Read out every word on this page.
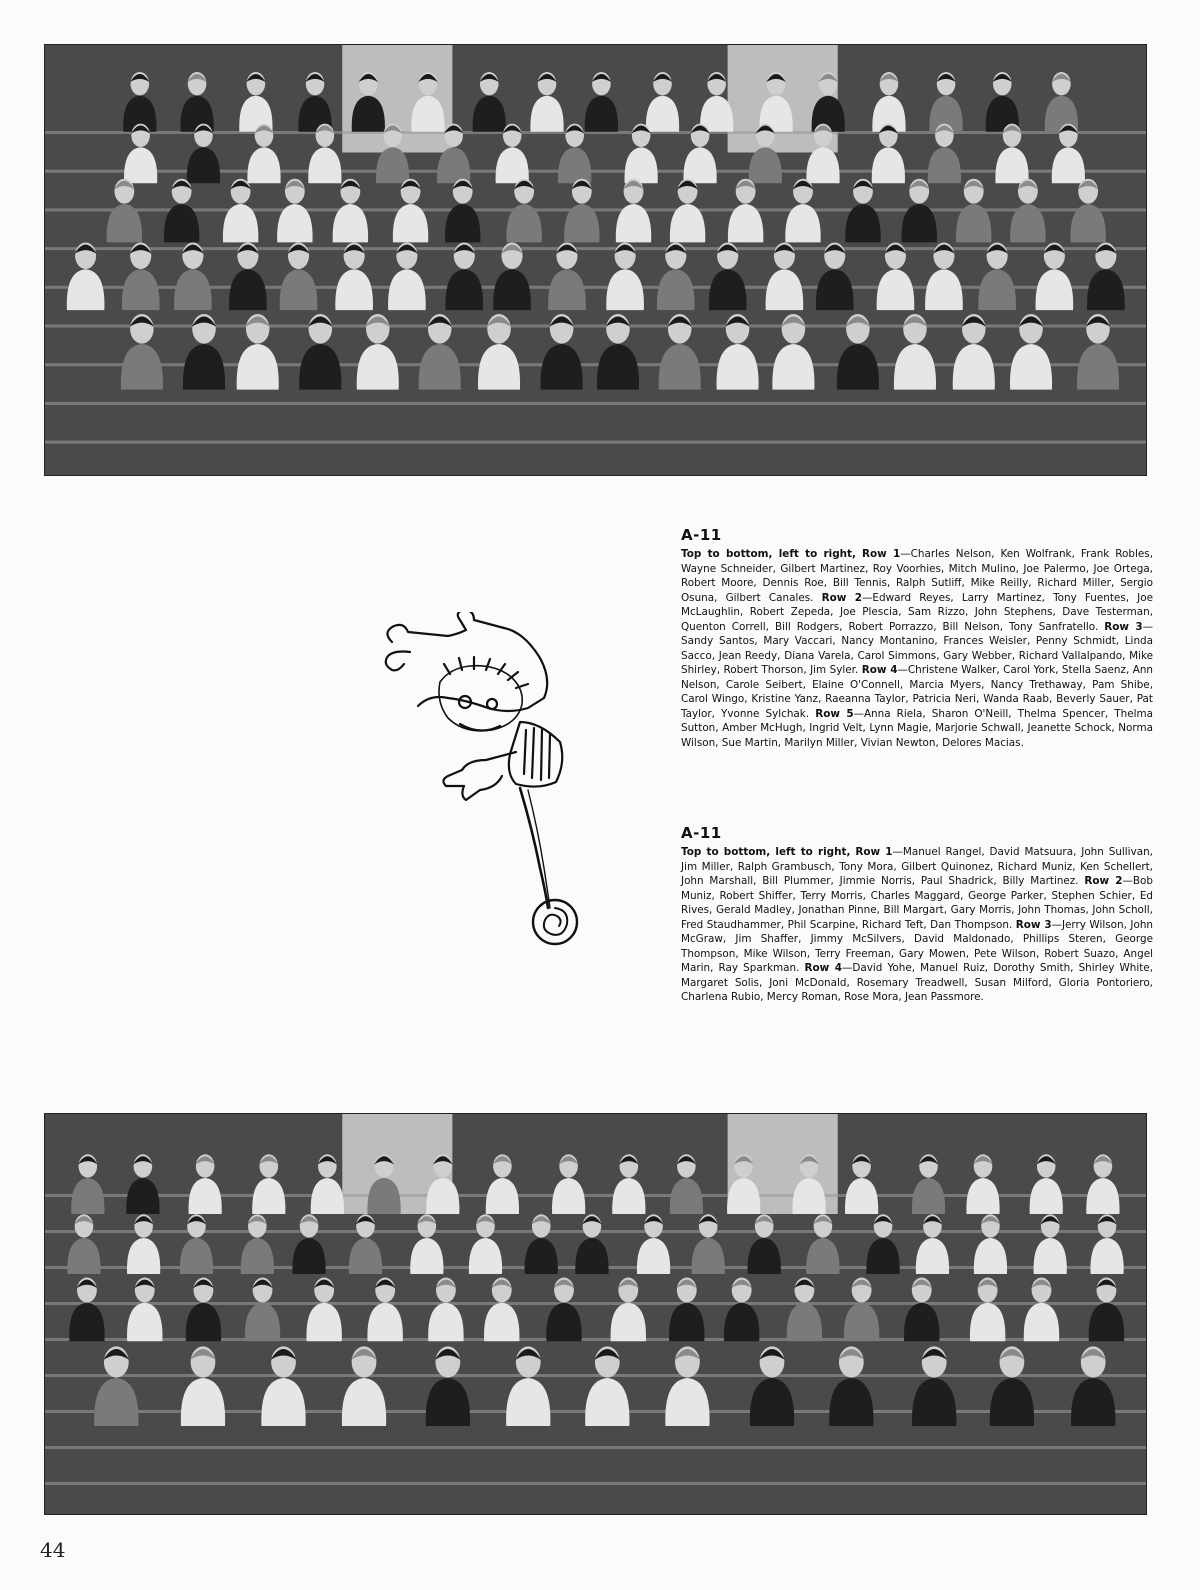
A-11

Top to bottom, left to right, Row 1—Charles Nelson, Ken Wolfrank, Frank Robles, Wayne Schneider, Gilbert Martinez, Roy Voorhies, Mitch Mulino, Joe Palermo, Joe Ortega, Robert Moore, Dennis Roe, Bill Tennis, Ralph Sutliff, Mike Reilly, Richard Miller, Sergio Osuna, Gilbert Canales. Row 2—Edward Reyes, Larry Martinez, Tony Fuentes, Joe McLaughlin, Robert Zepeda, Joe Plescia, Sam Rizzo, John Stephens, Dave Testerman, Quenton Correll, Bill Rodgers, Robert Porrazzo, Bill Nelson, Tony Sanfratello. Row 3—Sandy Santos, Mary Vaccari, Nancy Montanino, Frances Weisler, Penny Schmidt, Linda Sacco, Jean Reedy, Diana Varela, Carol Simmons, Gary Webber, Richard Vallalpando, Mike Shirley, Robert Thorson, Jim Syler. Row 4—Christene Walker, Carol York, Stella Saenz, Ann Nelson, Carole Seibert, Elaine O'Connell, Marcia Myers, Nancy Trethaway, Pam Shibe, Carol Wingo, Kristine Yanz, Raeanna Taylor, Patricia Neri, Wanda Raab, Beverly Sauer, Pat Taylor, Yvonne Sylchak. Row 5—Anna Riela, Sharon O'Neill, Thelma Spencer, Thelma Sutton, Amber McHugh, Ingrid Velt, Lynn Magie, Marjorie Schwall, Jeanette Schock, Norma Wilson, Sue Martin, Marilyn Miller, Vivian Newton, Delores Macias.

A-11

Top to bottom, left to right, Row 1—Manuel Rangel, David Matsuura, John Sullivan, Jim Miller, Ralph Grambusch, Tony Mora, Gilbert Quinonez, Richard Muniz, Ken Schellert, John Marshall, Bill Plummer, Jimmie Norris, Paul Shadrick, Billy Martinez. Row 2—Bob Muniz, Robert Shiffer, Terry Morris, Charles Maggard, George Parker, Stephen Schier, Ed Rives, Gerald Madley, Jonathan Pinne, Bill Margart, Gary Morris, John Thomas, John Scholl, Fred Staudhammer, Phil Scarpine, Richard Teft, Dan Thompson. Row 3—Jerry Wilson, John McGraw, Jim Shaffer, Jimmy McSilvers, David Maldonado, Phillips Steren, George Thompson, Mike Wilson, Terry Freeman, Gary Mowen, Pete Wilson, Robert Suazo, Angel Marin, Ray Sparkman. Row 4—David Yohe, Manuel Ruiz, Dorothy Smith, Shirley White, Margaret Solis, Joni McDonald, Rosemary Treadwell, Susan Milford, Gloria Pontoriero, Charlena Rubio, Mercy Roman, Rose Mora, Jean Passmore.

44
